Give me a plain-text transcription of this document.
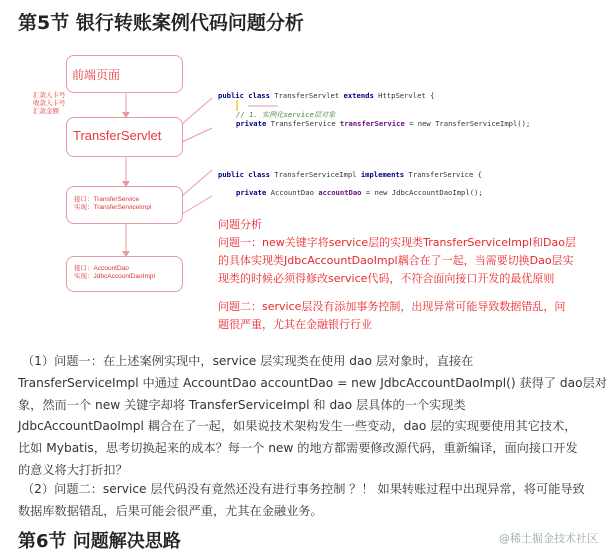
第5节 银行转账案例代码问题分析
前端页面
TransferServlet
汇款人卡号
收款人卡号
汇款金额
接口：TransferService
实现：TransferServiceImpl
接口：AccountDao
实现：JdbcAccountDaoImpl
public class TransferServlet extends HttpServlet {
// 1. 实例化service层对象
private TransferService transferService = new TransferServiceImpl();
public class TransferServiceImpl implements TransferService {
private AccountDao accountDao = new JdbcAccountDaoImpl();
问题分析
问题一：new关键字将service层的实现类TransferServiceImpl和Dao层
的具体实现类JdbcAccountDaoImpl耦合在了一起，当需要切换Dao层实
现类的时候必须得修改service代码，不符合面向接口开发的最优原则
问题二：service层没有添加事务控制，出现异常可能导致数据错乱，问
题很严重，尤其在金融银行行业
（1）问题一：在上述案例实现中，service 层实现类在使用 dao 层对象时，直接在
TransferServiceImpl 中通过 AccountDao accountDao = new JdbcAccountDaoImpl() 获得了 dao层对
象，然而一个 new 关键字却将 TransferServiceImpl 和 dao 层具体的一个实现类
JdbcAccountDaoImpl 耦合在了一起，如果说技术架构发生一些变动，dao 层的实现要使用其它技术，
比如 Mybatis，思考切换起来的成本？每一个 new 的地方都需要修改源代码，重新编译，面向接口开发
的意义将大打折扣？
（2）问题二：service 层代码没有竟然还没有进行事务控制 ？！ 如果转账过程中出现异常，将可能导致
数据库数据错乱，后果可能会很严重，尤其在金融业务。
第6节 问题解决思路	@稀土掘金技术社区
